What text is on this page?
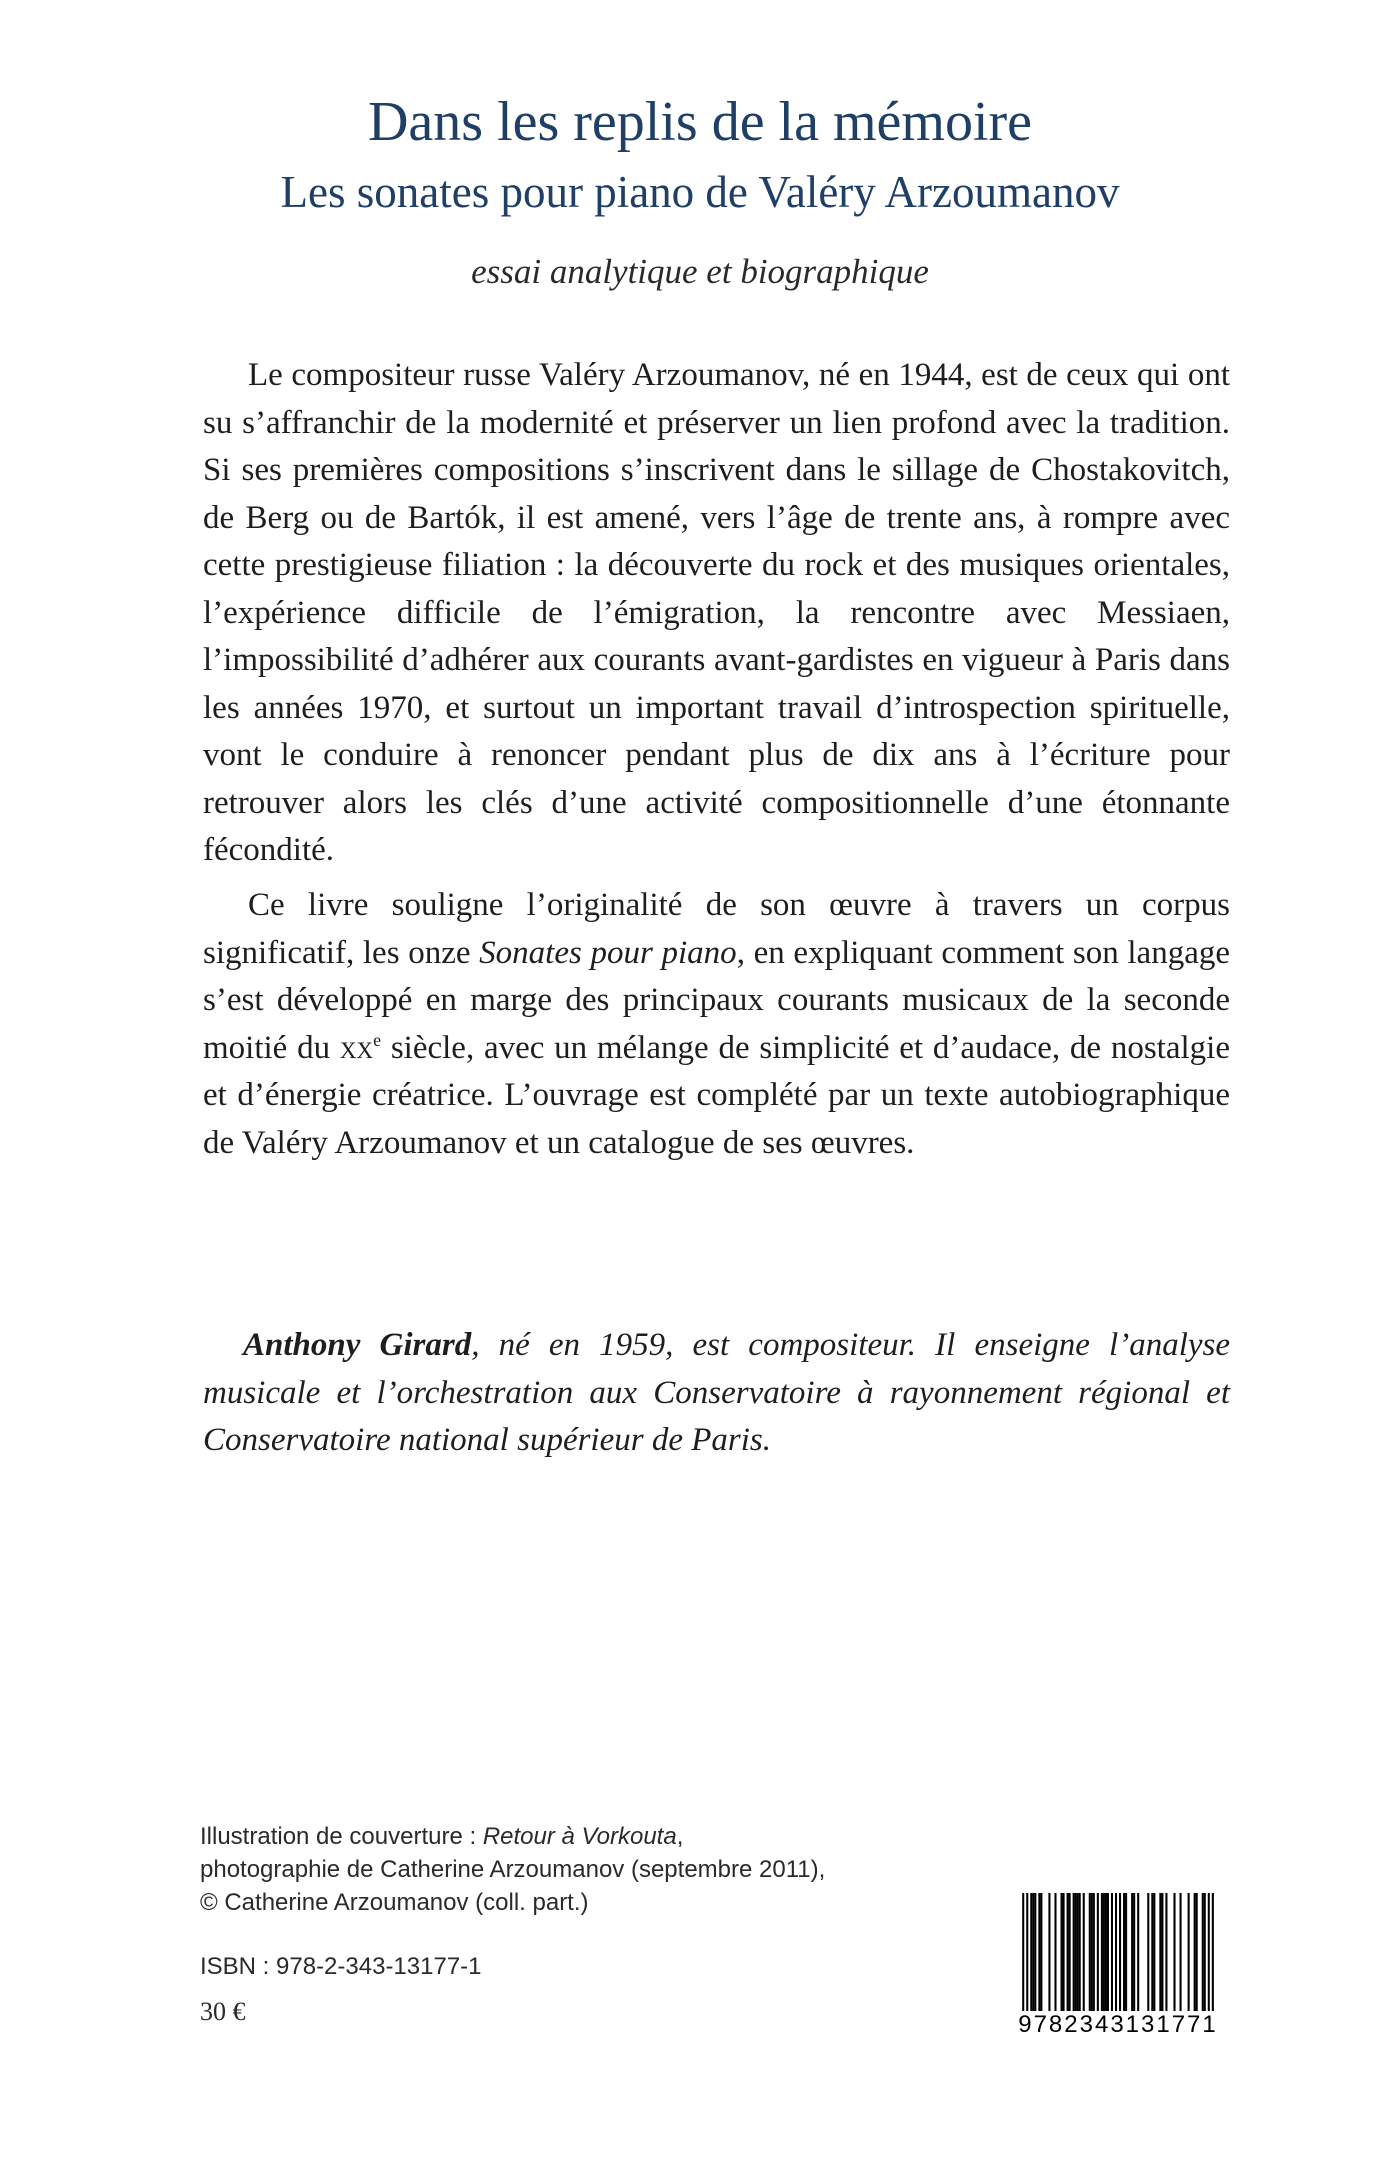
Dans les replis de la mémoire
Les sonates pour piano de Valéry Arzoumanov
essai analytique et biographique

Le compositeur russe Valéry Arzoumanov, né en 1944, est de ceux qui ont su s’affranchir de la modernité et préserver un lien profond avec la tradition. Si ses premières compositions s’inscrivent dans le sillage de Chostakovitch, de Berg ou de Bartók, il est amené, vers l’âge de trente ans, à rompre avec cette prestigieuse filiation : la découverte du rock et des musiques orientales, l’expérience difficile de l’émigration, la rencontre avec Messiaen, l’impossibilité d’adhérer aux courants avant-gardistes en vigueur à Paris dans les années 1970, et surtout un important travail d’introspection spirituelle, vont le conduire à renoncer pendant plus de dix ans à l’écriture pour retrouver alors les clés d’une activité compositionnelle d’une étonnante fécondité.

Ce livre souligne l’originalité de son œuvre à travers un corpus significatif, les onze Sonates pour piano, en expliquant comment son langage s’est développé en marge des principaux courants musicaux de la seconde moitié du $xx^e$ siècle, avec un mélange de simplicité et d’audace, de nostalgie et d’énergie créatrice. L’ouvrage est complété par un texte autobiographique de Valéry Arzoumanov et un catalogue de ses œuvres.

Anthony Girard, né en 1959, est compositeur. Il enseigne l’analyse musicale et l’orchestration aux Conservatoire à rayonnement régional et Conservatoire national supérieur de Paris.

Illustration de couverture : Retour à Vorkouta,
photographie de Catherine Arzoumanov (septembre 2011),
© Catherine Arzoumanov (coll. part.)
ISBN : 978-2-343-13177-1
30 €	9782343131771
